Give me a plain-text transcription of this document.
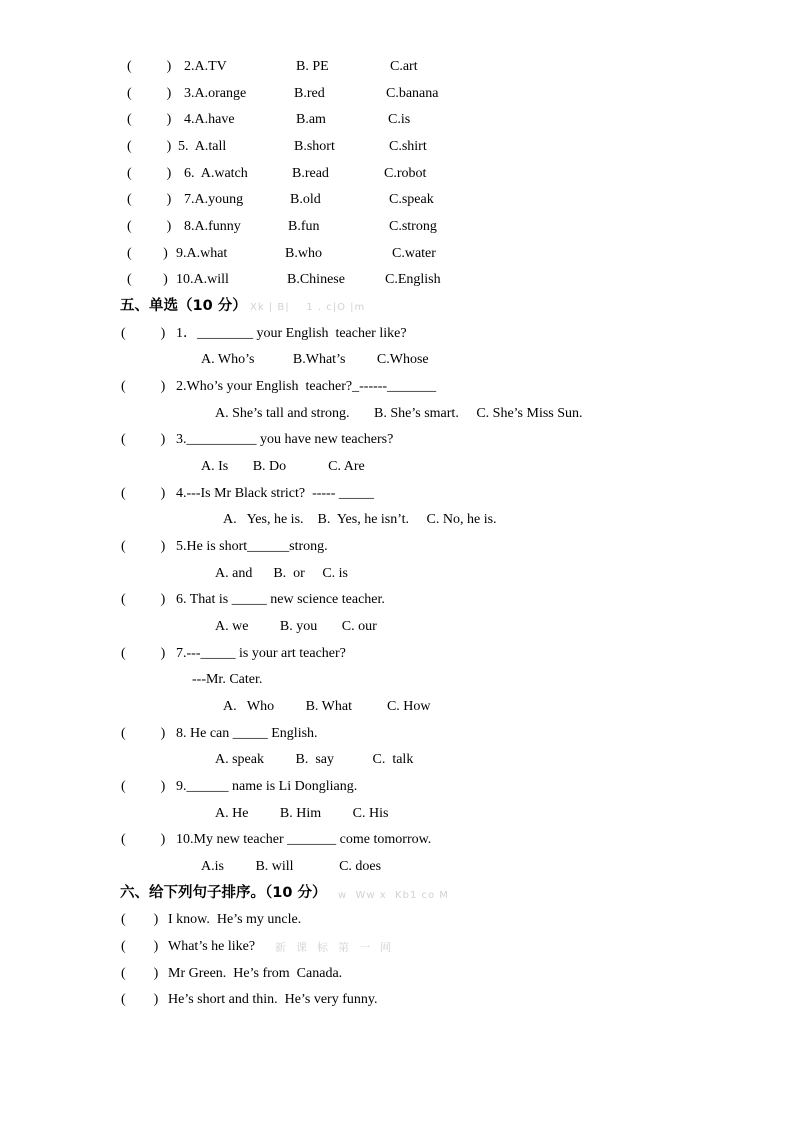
(          ) 2.A.TV	B. PE	C.art
(          ) 3.A.orange	B.red	C.banana
(          ) 4.A.have	B.am	C.is
(          ) 5.  A.tall	B.short	C.shirt
(          ) 6.  A.watch	B.read	C.robot
(          ) 7.A.young	B.old	C.speak
(          ) 8.A.funny	B.fun	C.strong
(         ) 9.A.what	B.who	C.water
(         ) 10.A.will	B.Chinese	C.English
五、单选（10 分） Xk | B|    1 . c|O |m
(          ) 1．________ your English  teacher like?
A. Who’s           B.What’s         C.Whose
(          ) 2.Who’s your English  teacher?_------_______
A. She’s tall and strong.       B. She’s smart.     C. She’s Miss Sun.
(          ) 3.__________ you have new teachers?
A. Is       B. Do            C. Are
(          ) 4.---Is Mr Black strict?  ----- _____
A.   Yes, he is.    B.  Yes, he isn’t.     C. No, he is.
(          ) 5.He is short______strong.
A. and      B.  or     C. is
(          ) 6. That is _____ new science teacher.
A. we         B. you       C. our
(          ) 7.---_____ is your art teacher?
---Mr. Cater.
A.   Who         B. What          C. How
(          ) 8. He can _____ English.
A. speak         B.  say           C.  talk
(          ) 9.______ name is Li Dongliang.
A. He         B. Him         C. His
(          ) 10.My new teacher _______ come tomorrow.
A.is         B. will             C. does
六、给下列句子排序。（10 分） w  Ww x  Kb1 co M
(        ) I know.  He’s my uncle.
(        ) What’s he like? 新  课  标  第  一  网
(        ) Mr Green.  He’s from  Canada.
(        ) He’s short and thin.  He’s very funny.
